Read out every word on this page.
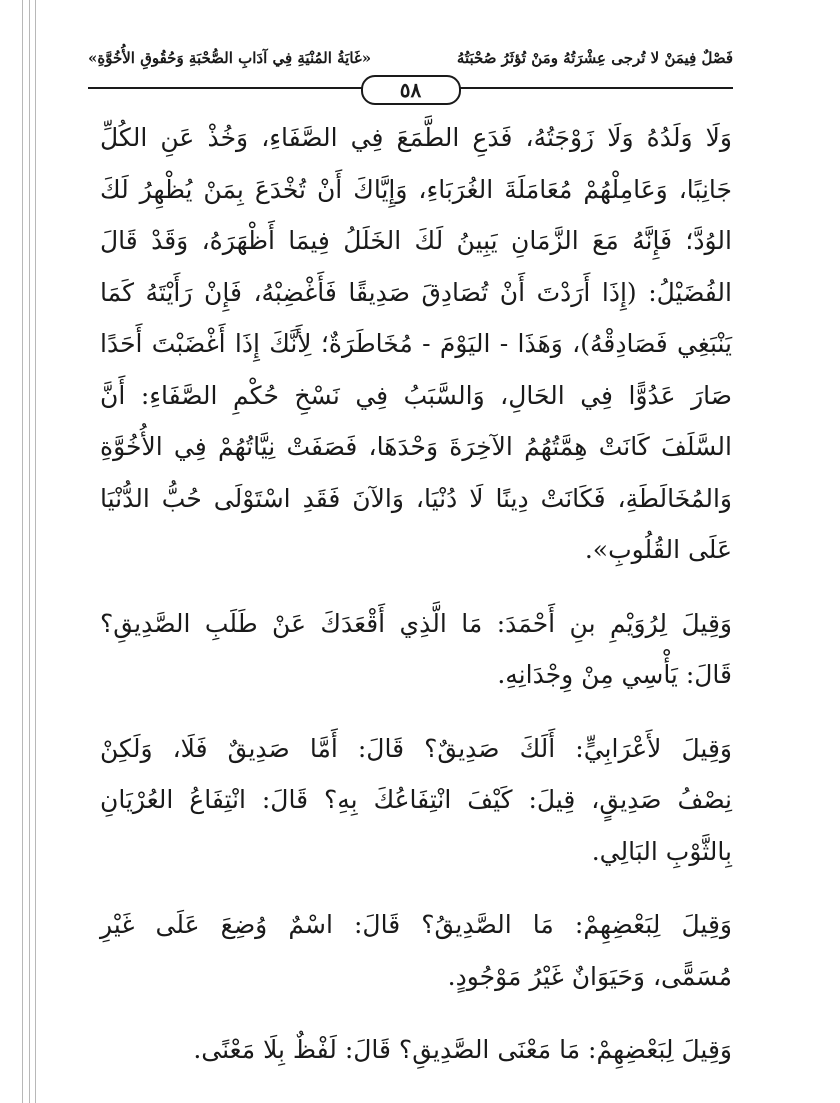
فَصْلٌ فِيمَنْ لا تُرجى عِشْرَتُهُ ومَنْ تُؤثَرُ صُحْبَتُهُ
«غَايَةُ المُنْيَةِ فِي آدَابِ الصُّحْبَةِ وَحُقُوقِ الأُخُوَّةِ»
٥٨

وَلَا وَلَدُهُ وَلَا زَوْجَتُهُ، فَدَعِ الطَّمَعَ فِي الصَّفَاءِ، وَخُذْ عَنِ الكُلِّ
جَانِبًا، وَعَامِلْهُمْ مُعَامَلَةَ الغُرَبَاءِ، وَإِيَّاكَ أَنْ تُخْدَعَ بِمَنْ يُظْهِرُ لَكَ
الوُدَّ؛ فَإِنَّهُ مَعَ الزَّمَانِ يَبِينُ لَكَ الخَلَلُ فِيمَا أَظْهَرَهُ، وَقَدْ قَالَ
الفُضَيْلُ: (إِذَا أَرَدْتَ أَنْ تُصَادِقَ صَدِيقًا فَأَغْضِبْهُ، فَإِنْ رَأَيْتَهُ كَمَا
يَنْبَغِي فَصَادِقْهُ)، وَهَذَا - اليَوْمَ - مُخَاطَرَةٌ؛ لِأَنَّكَ إِذَا أَغْضَبْتَ أَحَدًا
صَارَ عَدُوًّا فِي الحَالِ، وَالسَّبَبُ فِي نَسْخِ حُكْمِ الصَّفَاءِ: أَنَّ
السَّلَفَ كَانَتْ هِمَّتُهُمُ الآخِرَةَ وَحْدَهَا، فَصَفَتْ نِيَّاتُهُمْ فِي الأُخُوَّةِ
وَالمُخَالَطَةِ، فَكَانَتْ دِينًا لَا دُنْيَا، وَالآنَ فَقَدِ اسْتَوْلَى حُبُّ الدُّنْيَا
عَلَى القُلُوبِ».

وَقِيلَ لِرُوَيْمِ بنِ أَحْمَدَ: مَا الَّذِي أَقْعَدَكَ عَنْ طَلَبِ الصَّدِيقِ؟
قَالَ: يَأْسِي مِنْ وِجْدَانِهِ.

وَقِيلَ لأَعْرَابِيٍّ: أَلَكَ صَدِيقٌ؟ قَالَ: أَمَّا صَدِيقٌ فَلَا، وَلَكِنْ
نِصْفُ صَدِيقٍ، قِيلَ: كَيْفَ انْتِفَاعُكَ بِهِ؟ قَالَ: انْتِفَاعُ العُرْيَانِ
بِالثَّوْبِ البَالِي.

وَقِيلَ لِبَعْضِهِمْ: مَا الصَّدِيقُ؟ قَالَ: اسْمٌ وُضِعَ عَلَى غَيْرِ
مُسَمًّى، وَحَيَوَانٌ غَيْرُ مَوْجُودٍ.

وَقِيلَ لِبَعْضِهِمْ: مَا مَعْنَى الصَّدِيقِ؟ قَالَ: لَفْظٌ بِلَا مَعْنًى.
